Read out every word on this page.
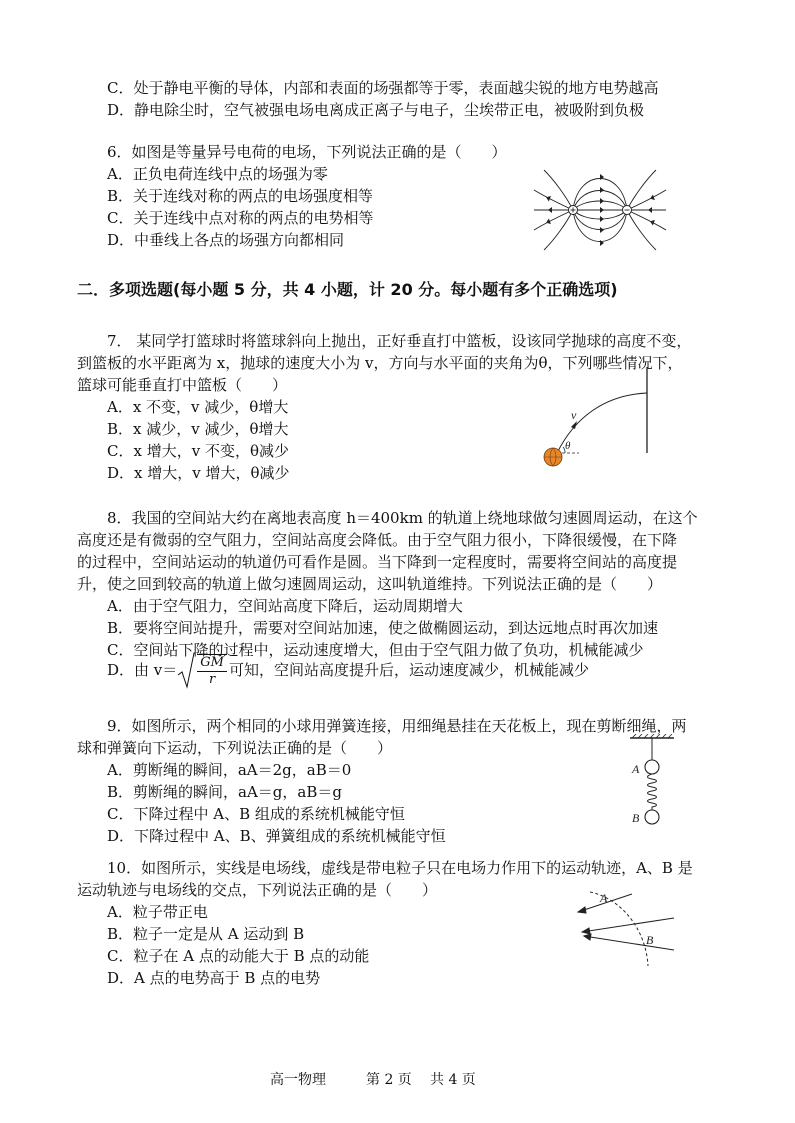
C．处于静电平衡的导体，内部和表面的场强都等于零，表面越尖锐的地方电势越高
D．静电除尘时，空气被强电场电离成正离子与电子，尘埃带正电，被吸附到负极
6．如图是等量异号电荷的电场，下列说法正确的是（　　）
A．正负电荷连线中点的场强为零
B．关于连线对称的两点的电场强度相等
C．关于连线中点对称的两点的电势相等
D．中垂线上各点的场强方向都相同
二．多项选题(每小题 5 分，共 4 小题，计 20 分。每小题有多个正确选项)
7． 某同学打篮球时将篮球斜向上抛出，正好垂直打中篮板，设该同学抛球的高度不变，
到篮板的水平距离为 x，抛球的速度大小为 v，方向与水平面的夹角为θ，下列哪些情况下，
篮球可能垂直打中篮板（　　）
A．x 不变，v 减少，θ增大
B．x 减少，v 减少，θ增大
C．x 增大，v 不变，θ减少
D．x 增大，v 增大，θ减少
v
θ
8．我国的空间站大约在离地表高度 h＝400km 的轨道上绕地球做匀速圆周运动，在这个
高度还是有微弱的空气阻力，空间站高度会降低。由于空气阻力很小，下降很缓慢，在下降
的过程中，空间站运动的轨道仍可看作是圆。当下降到一定程度时，需要将空间站的高度提
升，使之回到较高的轨道上做匀速圆周运动，这叫轨道维持。下列说法正确的是（　　）
A．由于空气阻力，空间站高度下降后，运动周期增大
B．要将空间站提升，需要对空间站加速，使之做椭圆运动，到达远地点时再次加速
C．空间站下降的过程中，运动速度增大，但由于空气阻力做了负功，机械能减少
D．由 $v= \frac{GM}{r}$ 可知，空间站高度提升后，运动速度减少，机械能减少
9．如图所示，两个相同的小球用弹簧连接，用细绳悬挂在天花板上，现在剪断细绳，两
球和弹簧向下运动，下列说法正确的是（　　）
A．剪断绳的瞬间，aA＝2g，aB＝0
B．剪断绳的瞬间，aA＝g，aB＝g
C．下降过程中 A、B 组成的系统机械能守恒
D．下降过程中 A、B、弹簧组成的系统机械能守恒
A
B
10．如图所示，实线是电场线，虚线是带电粒子只在电场力作用下的运动轨迹，A、B 是
运动轨迹与电场线的交点，下列说法正确的是（　　）
A．粒子带正电
B．粒子一定是从 A 运动到 B
C．粒子在 A 点的动能大于 B 点的动能
D．A 点的电势高于 B 点的电势
A
B
高一物理	第 2 页 共 4 页
